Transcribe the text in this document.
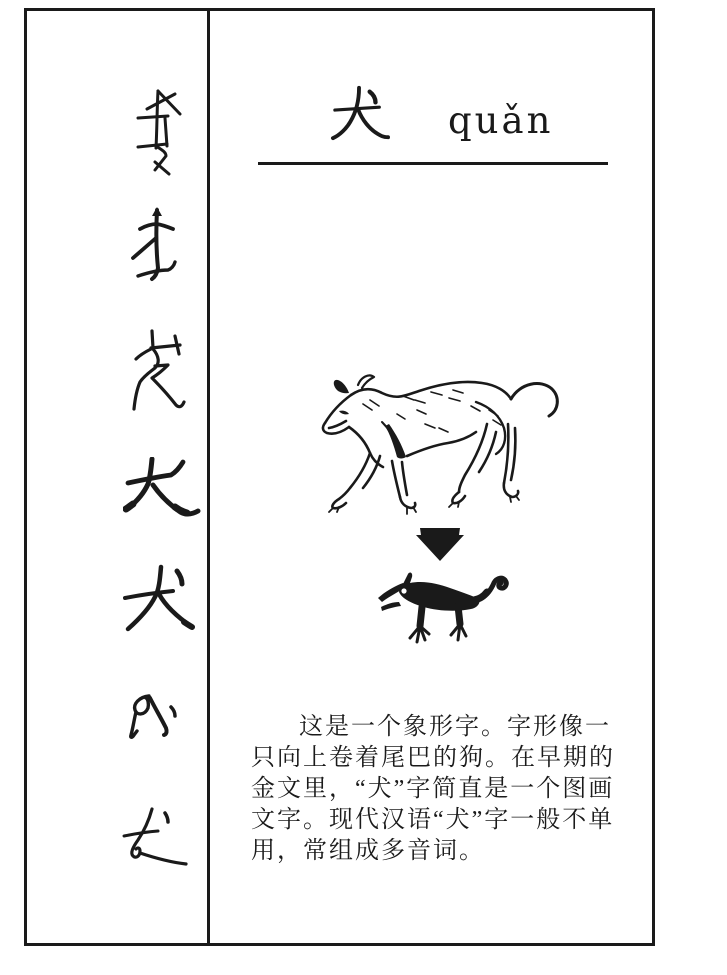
quǎn
这是一个象形字。字形像一
只向上卷着尾巴的狗。在早期的
金文里，“犬”字简直是一个图画
文字。现代汉语“犬”字一般不单
用，常组成多音词。
